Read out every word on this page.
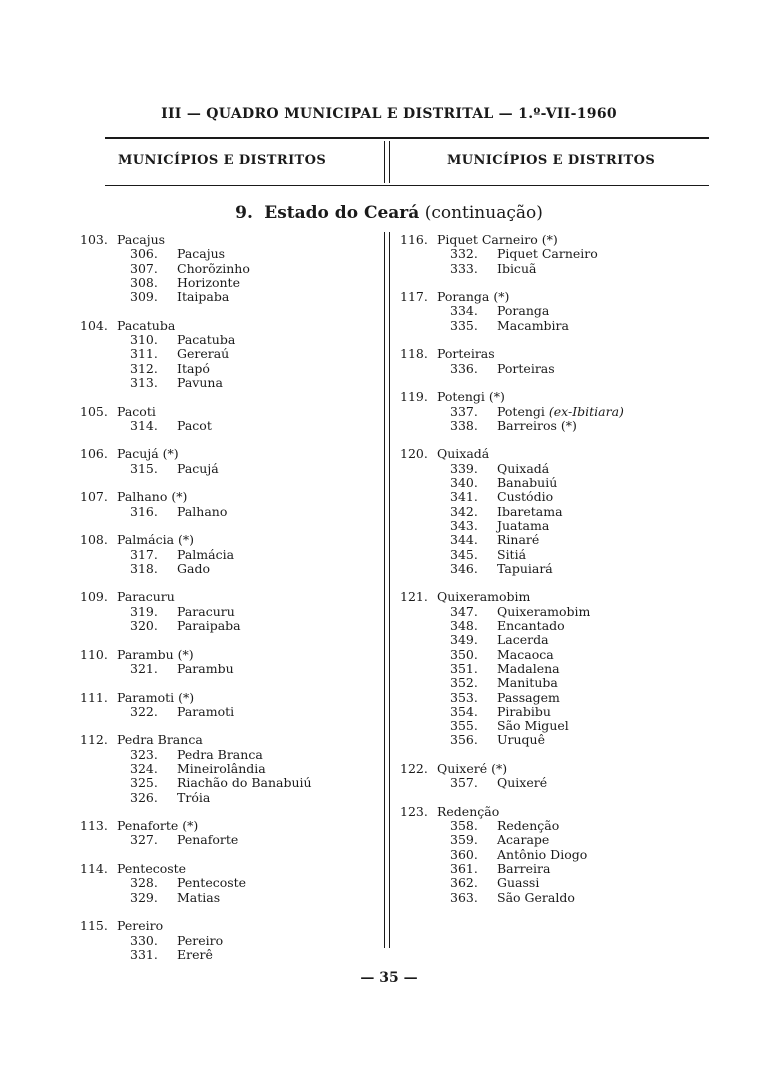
III — QUADRO MUNICIPAL E DISTRITAL — 1.º-VII-1960
MUNICÍPIOS E DISTRITOS	MUNICÍPIOS E DISTRITOS
9. Estado do Ceará (continuação)
103. Pacajus
306.	Pacajus
307.	Chorõzinho
308.	Horizonte
309.	Itaipaba
104. Pacatuba
310.	Pacatuba
311.	Gereraú
312.	Itapó
313.	Pavuna
105. Pacoti
314.	Pacot
106. Pacujá (*)
315.	Pacujá
107. Palhano (*)
316.	Palhano
108. Palmácia (*)
317.	Palmácia
318.	Gado
109. Paracuru
319.	Paracuru
320.	Paraipaba
110. Parambu (*)
321.	Parambu
111. Paramoti (*)
322.	Paramoti
112. Pedra Branca
323.	Pedra Branca
324.	Mineirolândia
325.	Riachão do Banabuiú
326.	Tróia
113. Penaforte (*)
327.	Penaforte
114. Pentecoste
328.	Pentecoste
329.	Matias
115. Pereiro
330.	Pereiro
331.	Ererê
116. Piquet Carneiro (*)
332.	Piquet Carneiro
333.	Ibicuã
117. Poranga (*)
334.	Poranga
335.	Macambira
118. Porteiras
336.	Porteiras
119. Potengi (*)
337.	Potengi
(ex-Ibitiara)
338.	Barreiros (*)
120. Quixadá
339.	Quixadá
340.	Banabuiú
341.	Custódio
342.	Ibaretama
343.	Juatama
344.	Rinaré
345.	Sitiá
346.	Tapuiará
121. Quixeramobim
347.	Quixeramobim
348.	Encantado
349.	Lacerda
350.	Macaoca
351.	Madalena
352.	Manituba
353.	Passagem
354.	Pirabibu
355.	São Miguel
356.	Uruquê
122. Quixeré (*)
357.	Quixeré
123. Redenção
358.	Redenção
359.	Acarape
360.	Antônio Diogo
361.	Barreira
362.	Guassi
363.	São Geraldo
— 35 —
